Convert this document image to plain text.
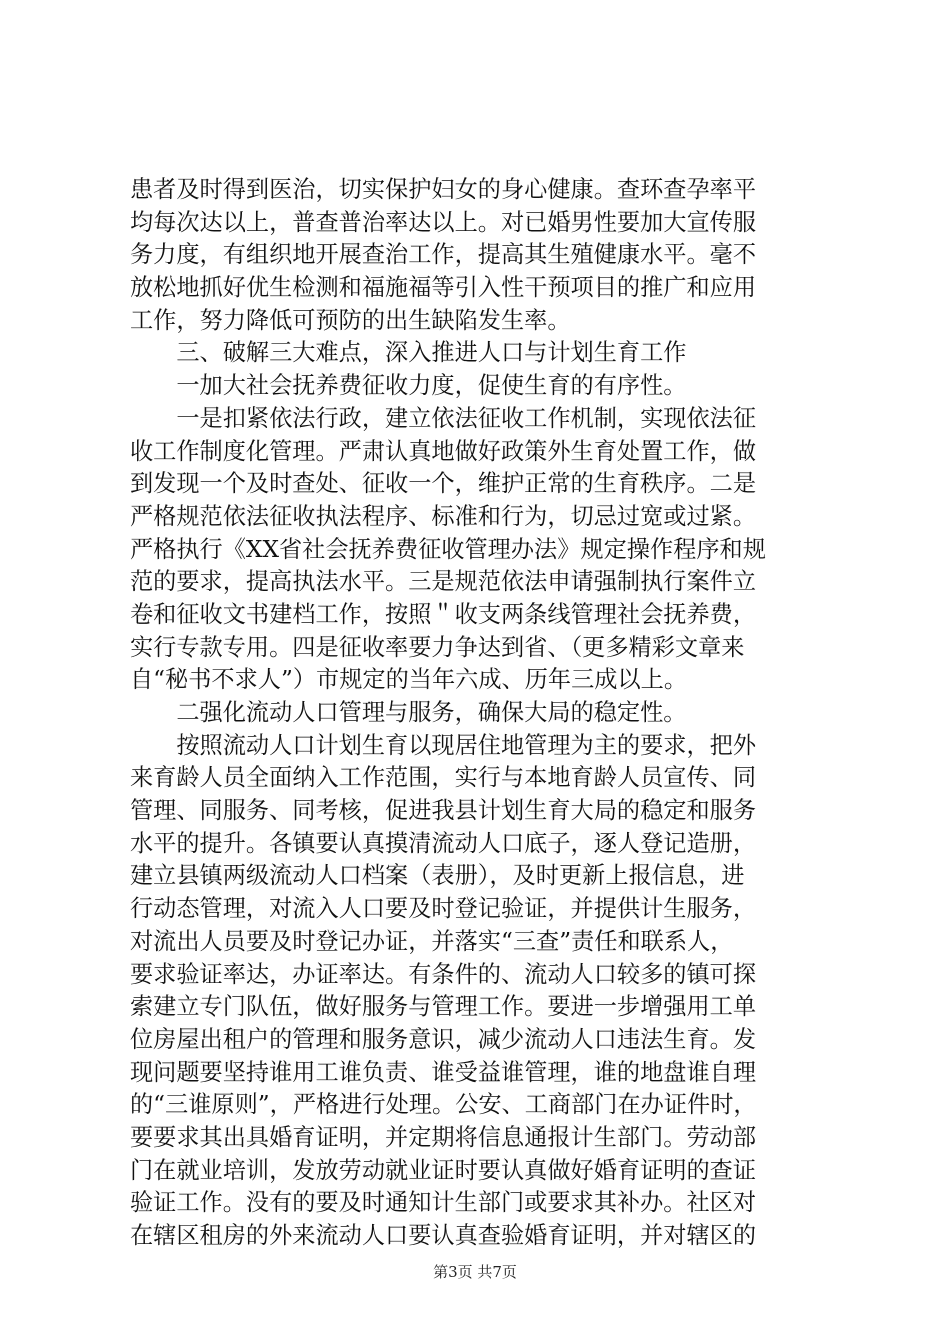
患者及时得到医治，切实保护妇女的身心健康。查环查孕率平
均每次达以上，普查普治率达以上。对已婚男性要加大宣传服
务力度，有组织地开展查治工作，提高其生殖健康水平。毫不
放松地抓好优生检测和福施福等引入性干预项目的推广和应用
工作，努力降低可预防的出生缺陷发生率。
　　三、破解三大难点，深入推进人口与计划生育工作
　　一加大社会抚养费征收力度，促使生育的有序性。
　　一是扣紧依法行政，建立依法征收工作机制，实现依法征
收工作制度化管理。严肃认真地做好政策外生育处置工作，做
到发现一个及时查处、征收一个，维护正常的生育秩序。二是
严格规范依法征收执法程序、标准和行为，切忌过宽或过紧。
严格执行《XX省社会抚养费征收管理办法》规定操作程序和规
范的要求，提高执法水平。三是规范依法申请强制执行案件立
卷和征收文书建档工作，按照＂收支两条线管理社会抚养费，
实行专款专用。四是征收率要力争达到省、（更多精彩文章来
自“秘书不求人”）市规定的当年六成、历年三成以上。
　　二强化流动人口管理与服务，确保大局的稳定性。
　　按照流动人口计划生育以现居住地管理为主的要求，把外
来育龄人员全面纳入工作范围，实行与本地育龄人员宣传、同
管理、同服务、同考核，促进我县计划生育大局的稳定和服务
水平的提升。各镇要认真摸清流动人口底子，逐人登记造册，
建立县镇两级流动人口档案（表册），及时更新上报信息，进
行动态管理，对流入人口要及时登记验证，并提供计生服务，
对流出人员要及时登记办证，并落实“三查”责任和联系人，
要求验证率达，办证率达。有条件的、流动人口较多的镇可探
索建立专门队伍，做好服务与管理工作。要进一步增强用工单
位房屋出租户的管理和服务意识，减少流动人口违法生育。发
现问题要坚持谁用工谁负责、谁受益谁管理，谁的地盘谁自理
的“三谁原则”，严格进行处理。公安、工商部门在办证件时，
要要求其出具婚育证明，并定期将信息通报计生部门。劳动部
门在就业培训，发放劳动就业证时要认真做好婚育证明的查证
验证工作。没有的要及时通知计生部门或要求其补办。社区对
在辖区租房的外来流动人口要认真查验婚育证明，并对辖区的
第3页 共7页
